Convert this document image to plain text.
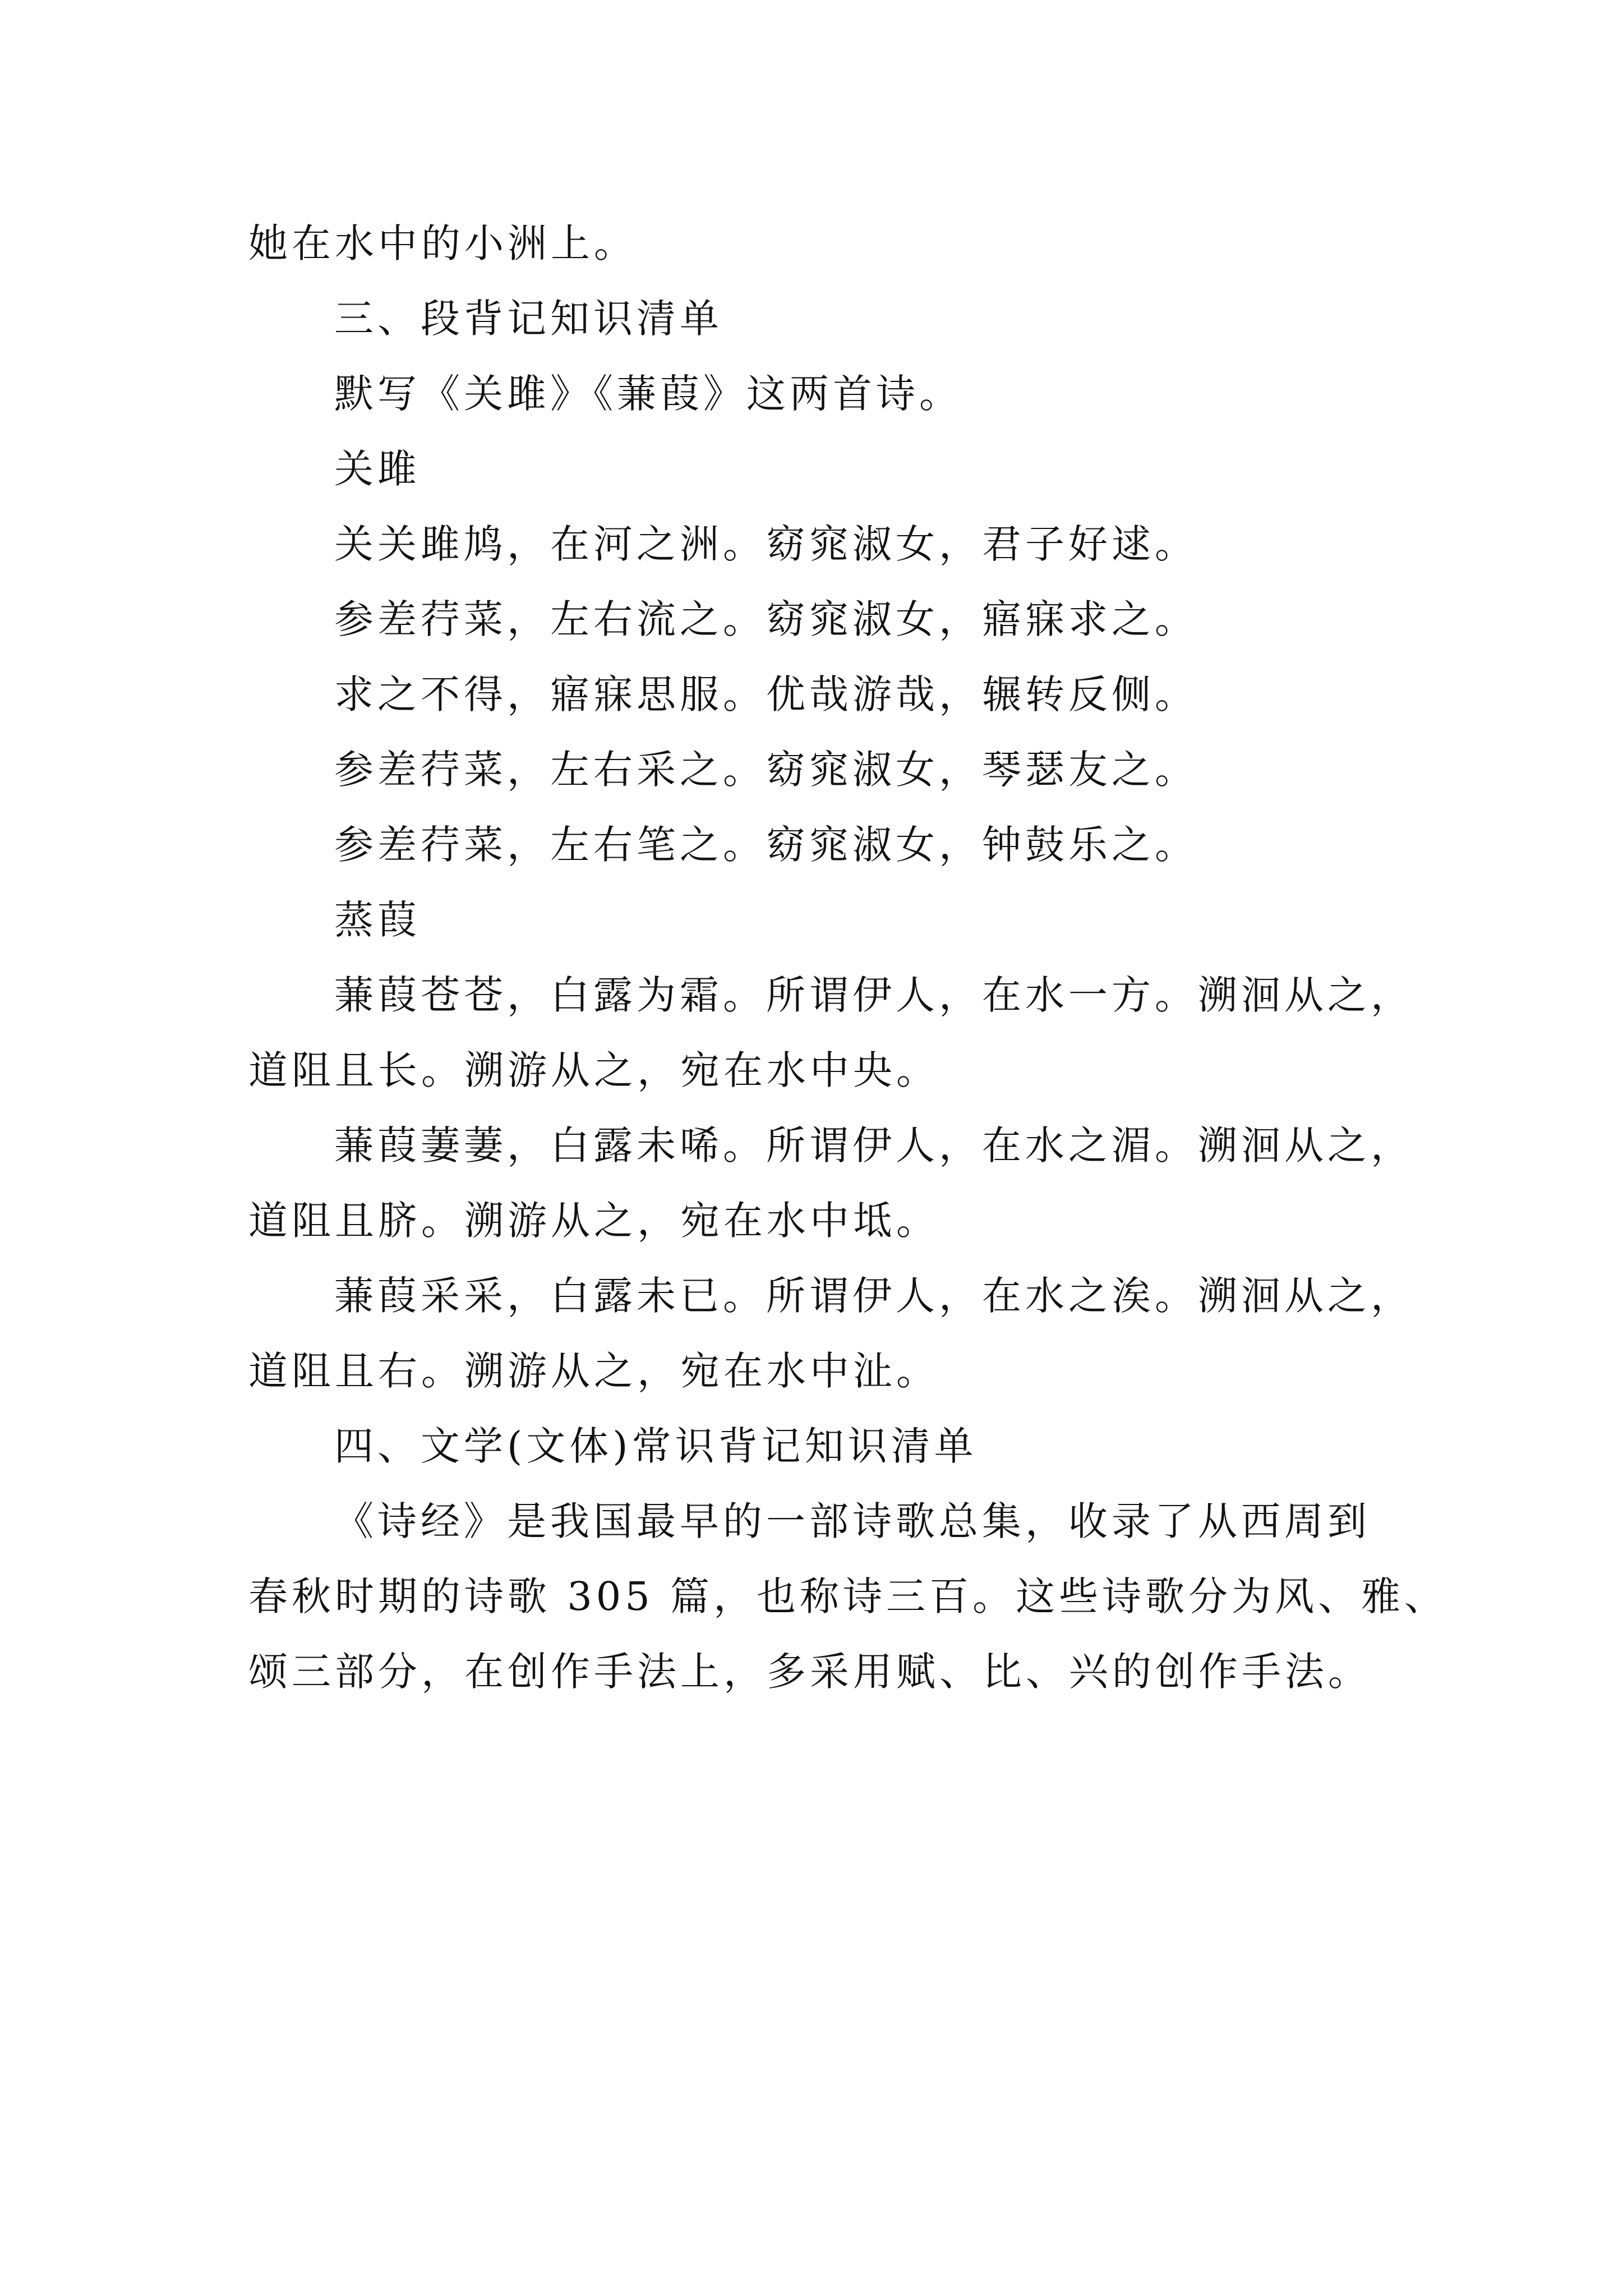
她在水中的小洲上。
三、段背记知识清单
默写《关雎》《蒹葭》这两首诗。
关雎
关关雎鸠，在河之洲。窈窕淑女，君子好逑。
参差荇菜，左右流之。窈窕淑女，寤寐求之。
求之不得，寤寐思服。优哉游哉，辗转反侧。
参差荇菜，左右采之。窈窕淑女，琴瑟友之。
参差荇菜，左右笔之。窈窕淑女，钟鼓乐之。
蒸葭
蒹葭苍苍，白露为霜。所谓伊人，在水一方。溯洄从之，
道阻且长。溯游从之，宛在水中央。
蒹葭萋萋，白露未唏。所谓伊人，在水之湄。溯洄从之，
道阻且脐。溯游从之，宛在水中坻。
蒹葭采采，白露未已。所谓伊人，在水之涘。溯洄从之，
道阻且右。溯游从之，宛在水中沚。
四、文学(文体)常识背记知识清单
《诗经》是我国最早的一部诗歌总集，收录了从西周到
春秋时期的诗歌 305 篇，也称诗三百。这些诗歌分为风、雅、
颂三部分，在创作手法上，多采用赋、比、兴的创作手法。
